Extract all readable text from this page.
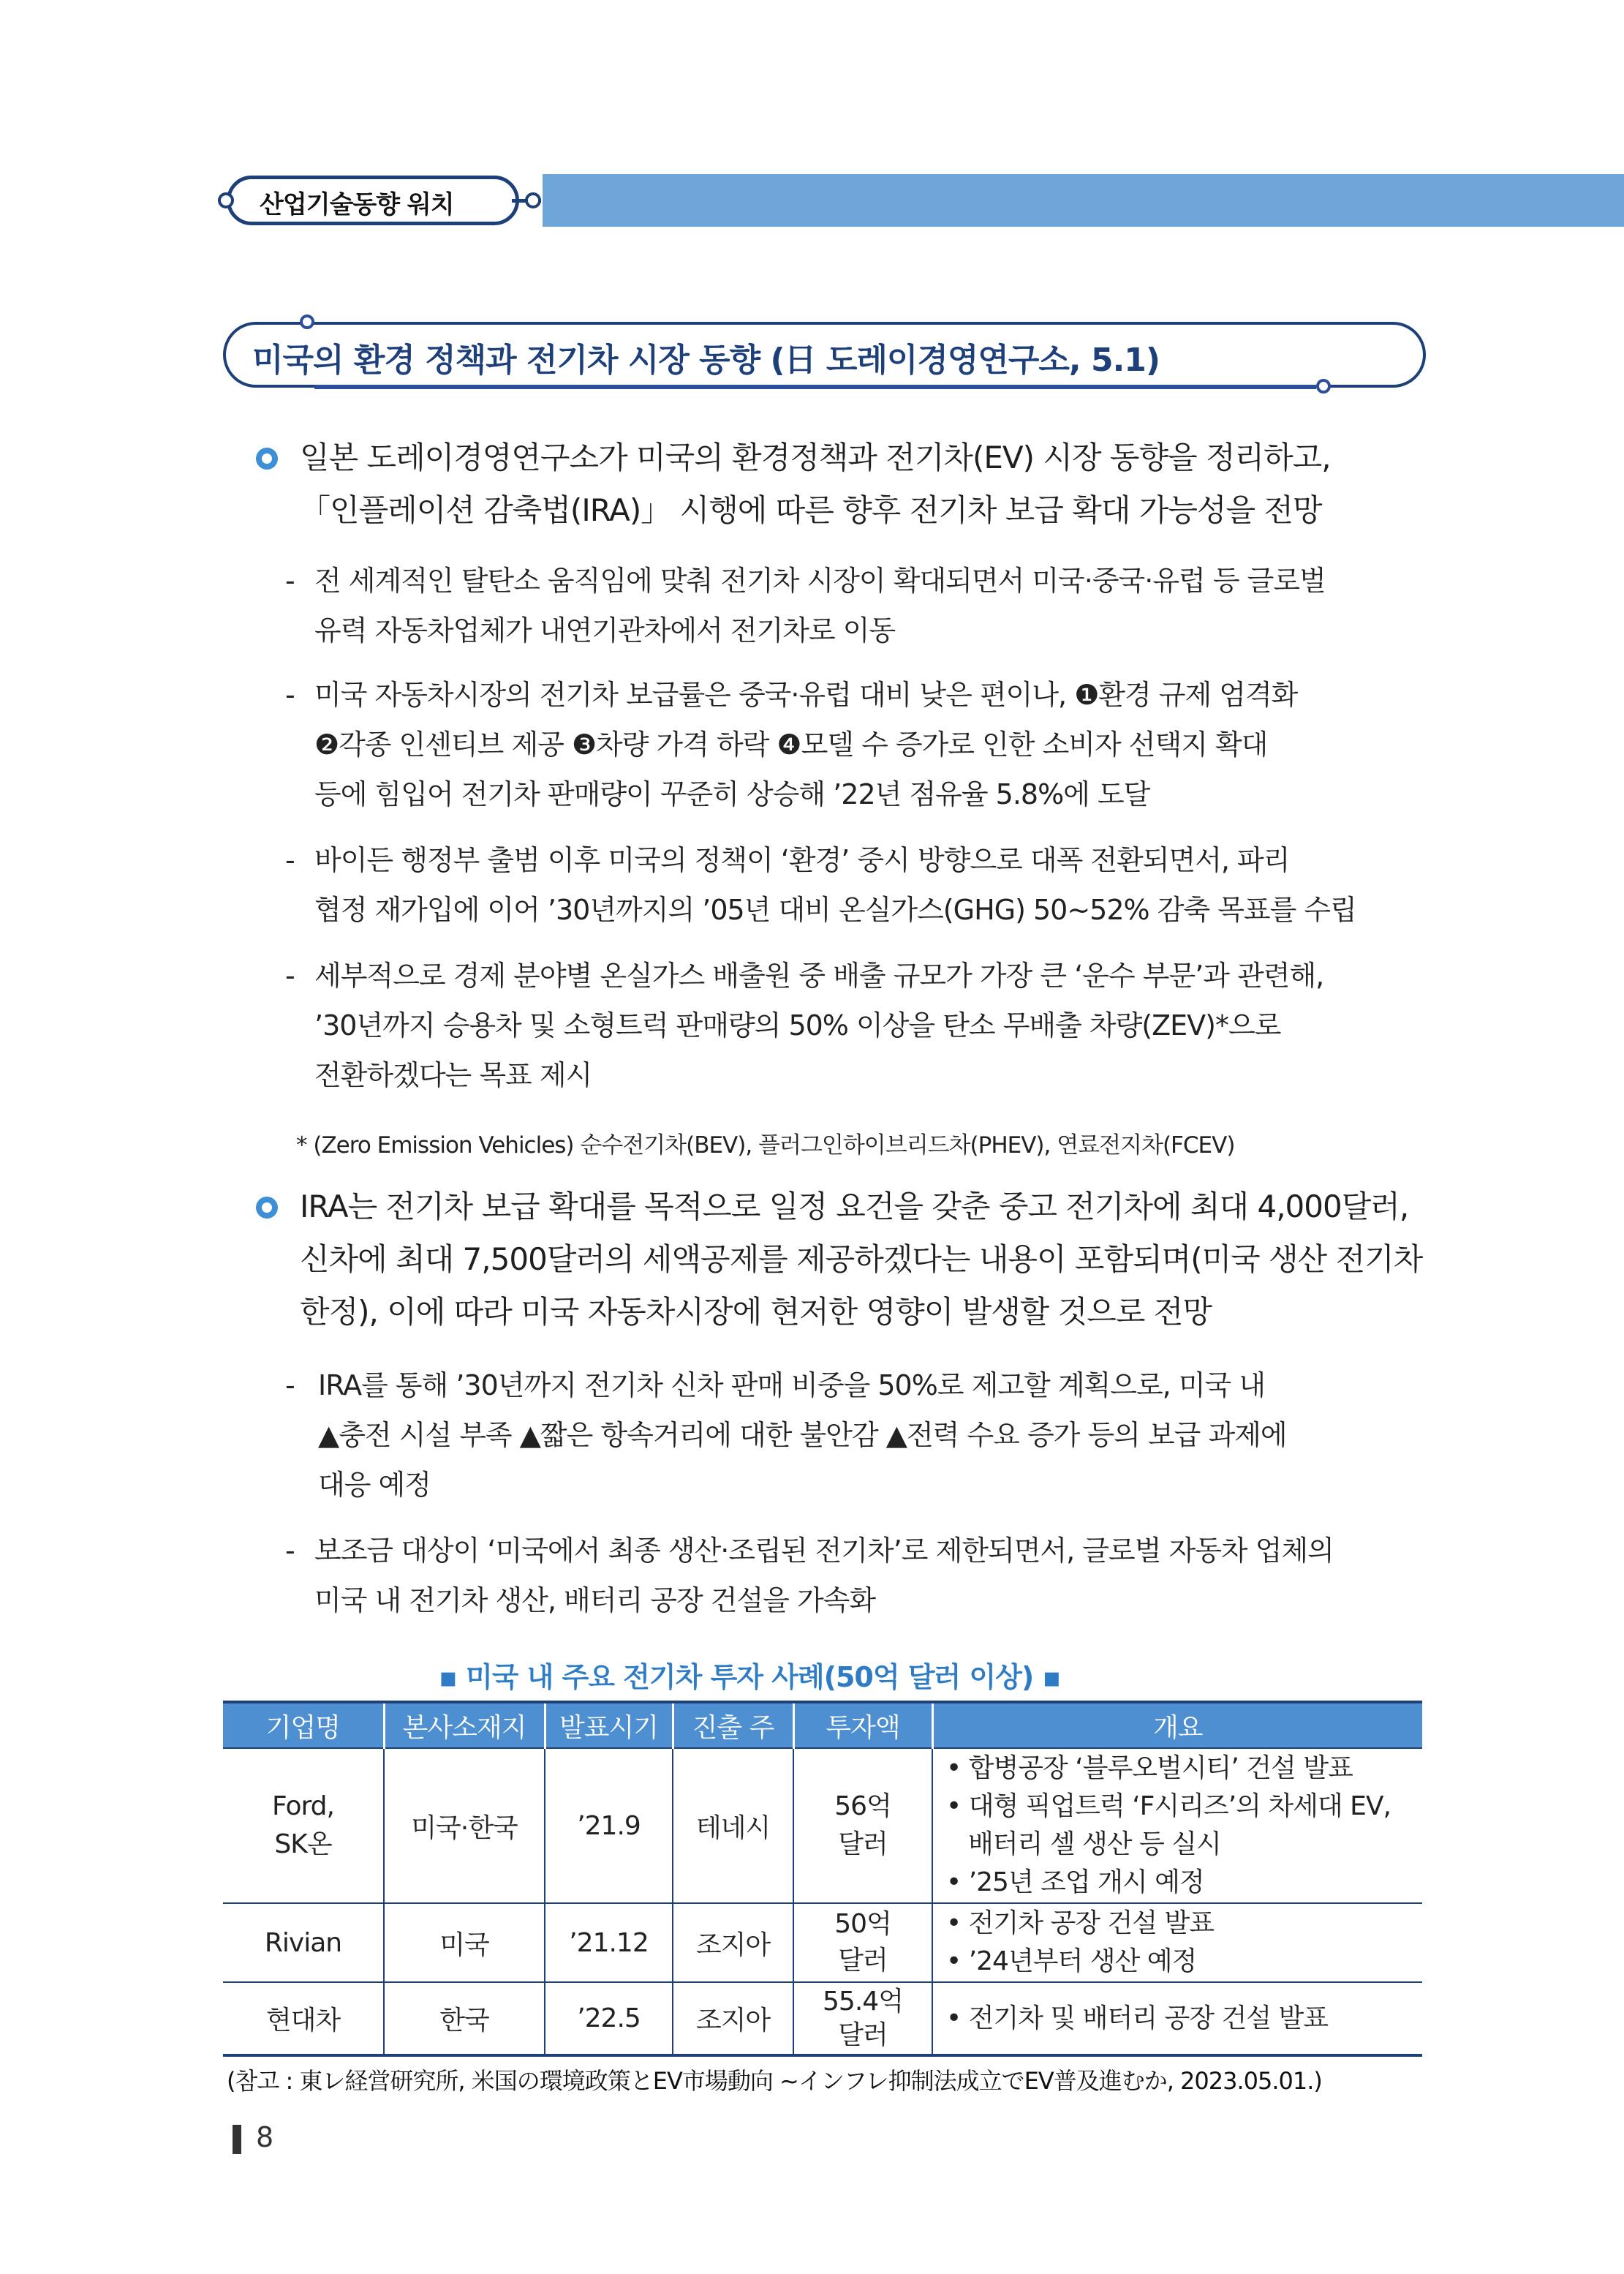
산업기술동향 워치
미국의 환경 정책과 전기차 시장 동향 (日 도레이경영연구소, 5.1)
일본 도레이경영연구소가 미국의 환경정책과 전기차(EV) 시장 동향을 정리하고,
「인플레이션 감축법(IRA)」 시행에 따른 향후 전기차 보급 확대 가능성을 전망
- 전 세계적인 탈탄소 움직임에 맞춰 전기차 시장이 확대되면서 미국·중국·유럽 등 글로벌
유력 자동차업체가 내연기관차에서 전기차로 이동
- 미국 자동차시장의 전기차 보급률은 중국·유럽 대비 낮은 편이나, ❶환경 규제 엄격화
❷각종 인센티브 제공 ❸차량 가격 하락 ❹모델 수 증가로 인한 소비자 선택지 확대
등에 힘입어 전기차 판매량이 꾸준히 상승해 ’22년 점유율 5.8%에 도달
- 바이든 행정부 출범 이후 미국의 정책이 ‘환경’ 중시 방향으로 대폭 전환되면서, 파리
협정 재가입에 이어 ’30년까지의 ’05년 대비 온실가스(GHG) 50~52% 감축 목표를 수립
- 세부적으로 경제 분야별 온실가스 배출원 중 배출 규모가 가장 큰 ‘운수 부문’과 관련해,
’30년까지 승용차 및 소형트럭 판매량의 50% 이상을 탄소 무배출 차량(ZEV)*으로
전환하겠다는 목표 제시
* (Zero Emission Vehicles) 순수전기차(BEV), 플러그인하이브리드차(PHEV), 연료전지차(FCEV)
IRA는 전기차 보급 확대를 목적으로 일정 요건을 갖춘 중고 전기차에 최대 4,000달러,
신차에 최대 7,500달러의 세액공제를 제공하겠다는 내용이 포함되며(미국 생산 전기차
한정), 이에 따라 미국 자동차시장에 현저한 영향이 발생할 것으로 전망
- IRA를 통해 ’30년까지 전기차 신차 판매 비중을 50%로 제고할 계획으로, 미국 내
▲충전 시설 부족 ▲짧은 항속거리에 대한 불안감 ▲전력 수요 증가 등의 보급 과제에
대응 예정
- 보조금 대상이 ‘미국에서 최종 생산·조립된 전기차’로 제한되면서, 글로벌 자동차 업체의
미국 내 전기차 생산, 배터리 공장 건설을 가속화
▪ 미국 내 주요 전기차 투자 사례(50억 달러 이상) ▪
기업명	본사소재지	발표시기	진출 주	투자액	개요

Ford, SK온	미국·한국	’21.9	테네시	56억 달러	• 합병공장 ‘블루오벌시티’ 건설 발표
• 대형 픽업트럭 ‘F시리즈’의 차세대 EV, 배터리 셀 생산 등 실시
• ’25년 조업 개시 예정

Rivian	미국	’21.12	조지아	50억 달러	• 전기차 공장 건설 발표
• ’24년부터 생산 예정

현대차	한국	’22.5	조지아	55.4억 달러	• 전기차 및 배터리 공장 건설 발표
(참고 : 東レ経営研究所, 米国の環境政策とEV市場動向 ~インフレ抑制法成立でEV普及進むか, 2023.05.01.)
8
